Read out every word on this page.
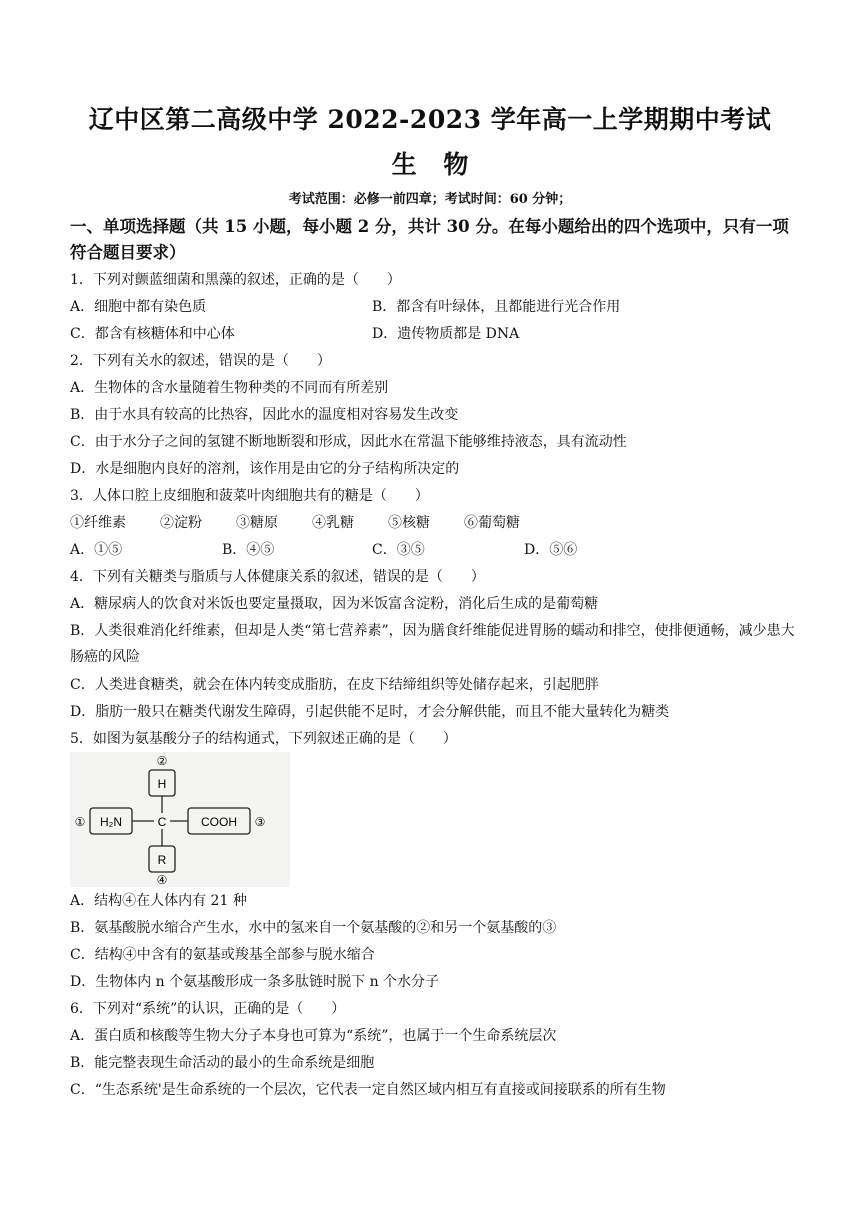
辽中区第二高级中学 2022-2023 学年高一上学期期中考试
生 物
考试范围：必修一前四章；考试时间：60 分钟；
一、单项选择题（共 15 小题，每小题 2 分，共计 30 分。在每小题给出的四个选项中，只有一项符合题目要求）
1．下列对颤蓝细菌和黑藻的叙述，正确的是（　　）
A．细胞中都有染色质	B．都含有叶绿体，且都能进行光合作用
C．都含有核糖体和中心体	D．遗传物质都是 DNA
2．下列有关水的叙述，错误的是（　　）
A．生物体的含水量随着生物种类的不同而有所差别
B．由于水具有较高的比热容，因此水的温度相对容易发生改变
C．由于水分子之间的氢键不断地断裂和形成，因此水在常温下能够维持液态，具有流动性
D．水是细胞内良好的溶剂，该作用是由它的分子结构所决定的
3．人体口腔上皮细胞和菠菜叶肉细胞共有的糖是（　　）
①纤维素 ②淀粉 ③糖原 ④乳糖 ⑤核糖 ⑥葡萄糖
A．①⑤	B．④⑤	C．③⑤	D．⑤⑥
4．下列有关糖类与脂质与人体健康关系的叙述，错误的是（　　）
A．糖尿病人的饮食对米饭也要定量摄取，因为米饭富含淀粉，消化后生成的是葡萄糖
B．人类很难消化纤维素，但却是人类“第七营养素”，因为膳食纤维能促进胃肠的蠕动和排空，使排便通畅，减少患大肠癌的风险
C．人类进食糖类，就会在体内转变成脂肪，在皮下结缔组织等处储存起来，引起肥胖
D．脂肪一般只在糖类代谢发生障碍，引起供能不足时，才会分解供能，而且不能大量转化为糖类
5．如图为氨基酸分子的结构通式，下列叙述正确的是（　　）
H
C
H₂N	COOH
R
②
①	③
④
A．结构④在人体内有 21 种
B．氨基酸脱水缩合产生水，水中的氢来自一个氨基酸的②和另一个氨基酸的③
C．结构④中含有的氨基或羧基全部参与脱水缩合
D．生物体内 n 个氨基酸形成一条多肽链时脱下 n 个水分子
6．下列对“系统”的认识，正确的是（　　）
A．蛋白质和核酸等生物大分子本身也可算为“系统”，也属于一个生命系统层次
B．能完整表现生命活动的最小的生命系统是细胞
C．“生态系统'是生命系统的一个层次，它代表一定自然区域内相互有直接或间接联系的所有生物
